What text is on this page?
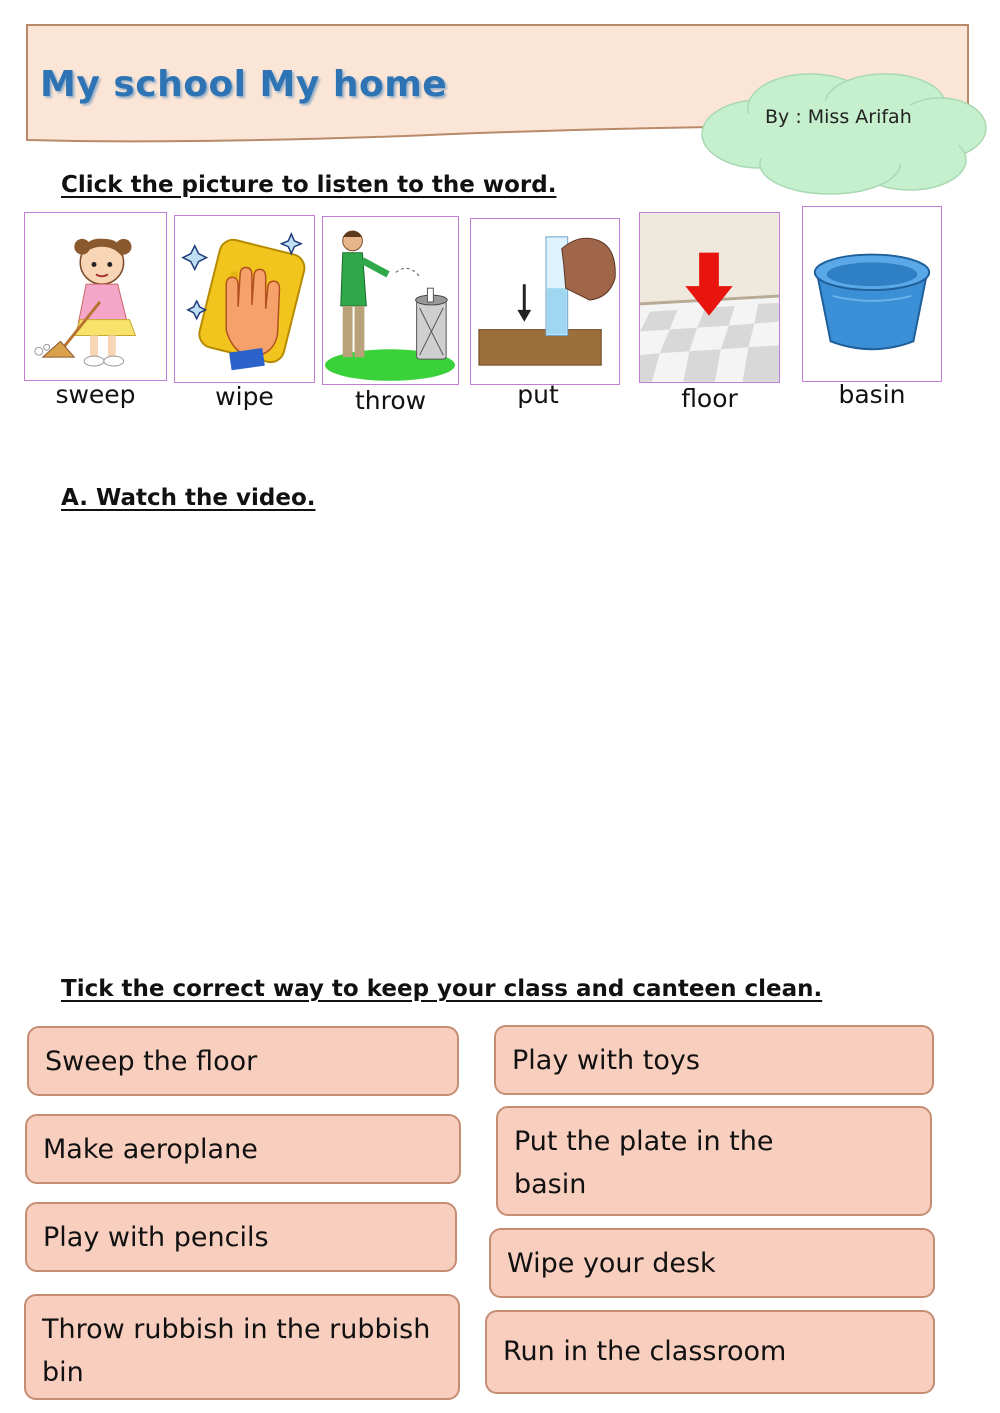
My school My home
By : Miss Arifah
Click the picture to listen to the word.
sweep	wipe	throw	put	floor	basin
A. Watch the video.
Tick the correct way to keep your class and canteen clean.
Sweep the floor
Make aeroplane
Play with pencils
Throw rubbish in the rubbish bin
Play with toys
Put the plate in the basin
Wipe your desk
Run in the classroom
